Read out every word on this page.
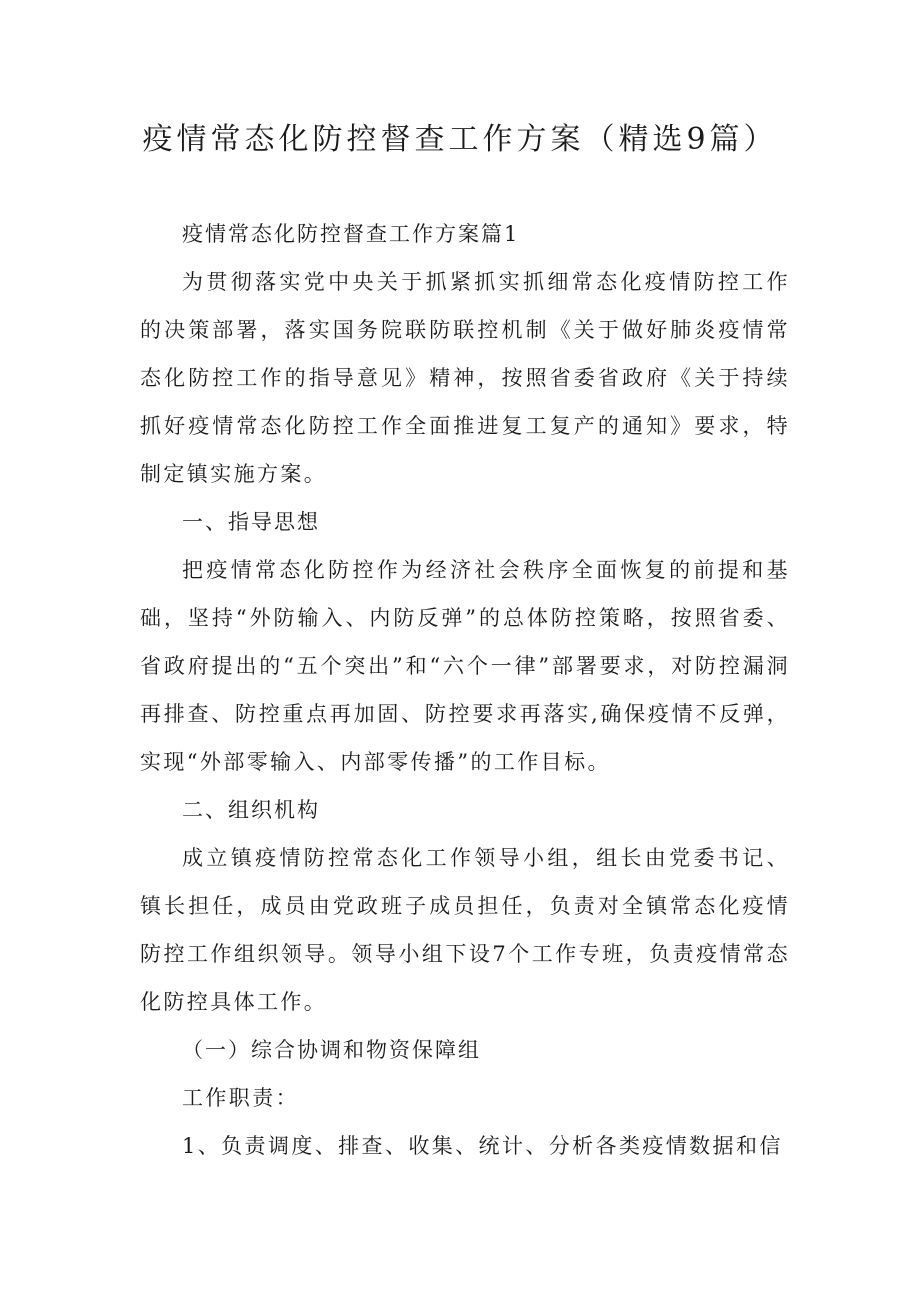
疫情常态化防控督查工作方案（精选9篇）

疫情常态化防控督查工作方案篇1

为贯彻落实党中央关于抓紧抓实抓细常态化疫情防控工作的决策部署，落实国务院联防联控机制《关于做好肺炎疫情常态化防控工作的指导意见》精神，按照省委省政府《关于持续抓好疫情常态化防控工作全面推进复工复产的通知》要求，特制定镇实施方案。

一、指导思想

把疫情常态化防控作为经济社会秩序全面恢复的前提和基础，坚持“外防输入、内防反弹”的总体防控策略，按照省委、省政府提出的“五个突出”和“六个一律”部署要求，对防控漏洞再排查、防控重点再加固、防控要求再落实,确保疫情不反弹，实现“外部零输入、内部零传播”的工作目标。

二、组织机构

成立镇疫情防控常态化工作领导小组，组长由党委书记、镇长担任，成员由党政班子成员担任，负责对全镇常态化疫情防控工作组织领导。领导小组下设7个工作专班，负责疫情常态化防控具体工作。

（一）综合协调和物资保障组

工作职责：

1、负责调度、排查、收集、统计、分析各类疫情数据和信
